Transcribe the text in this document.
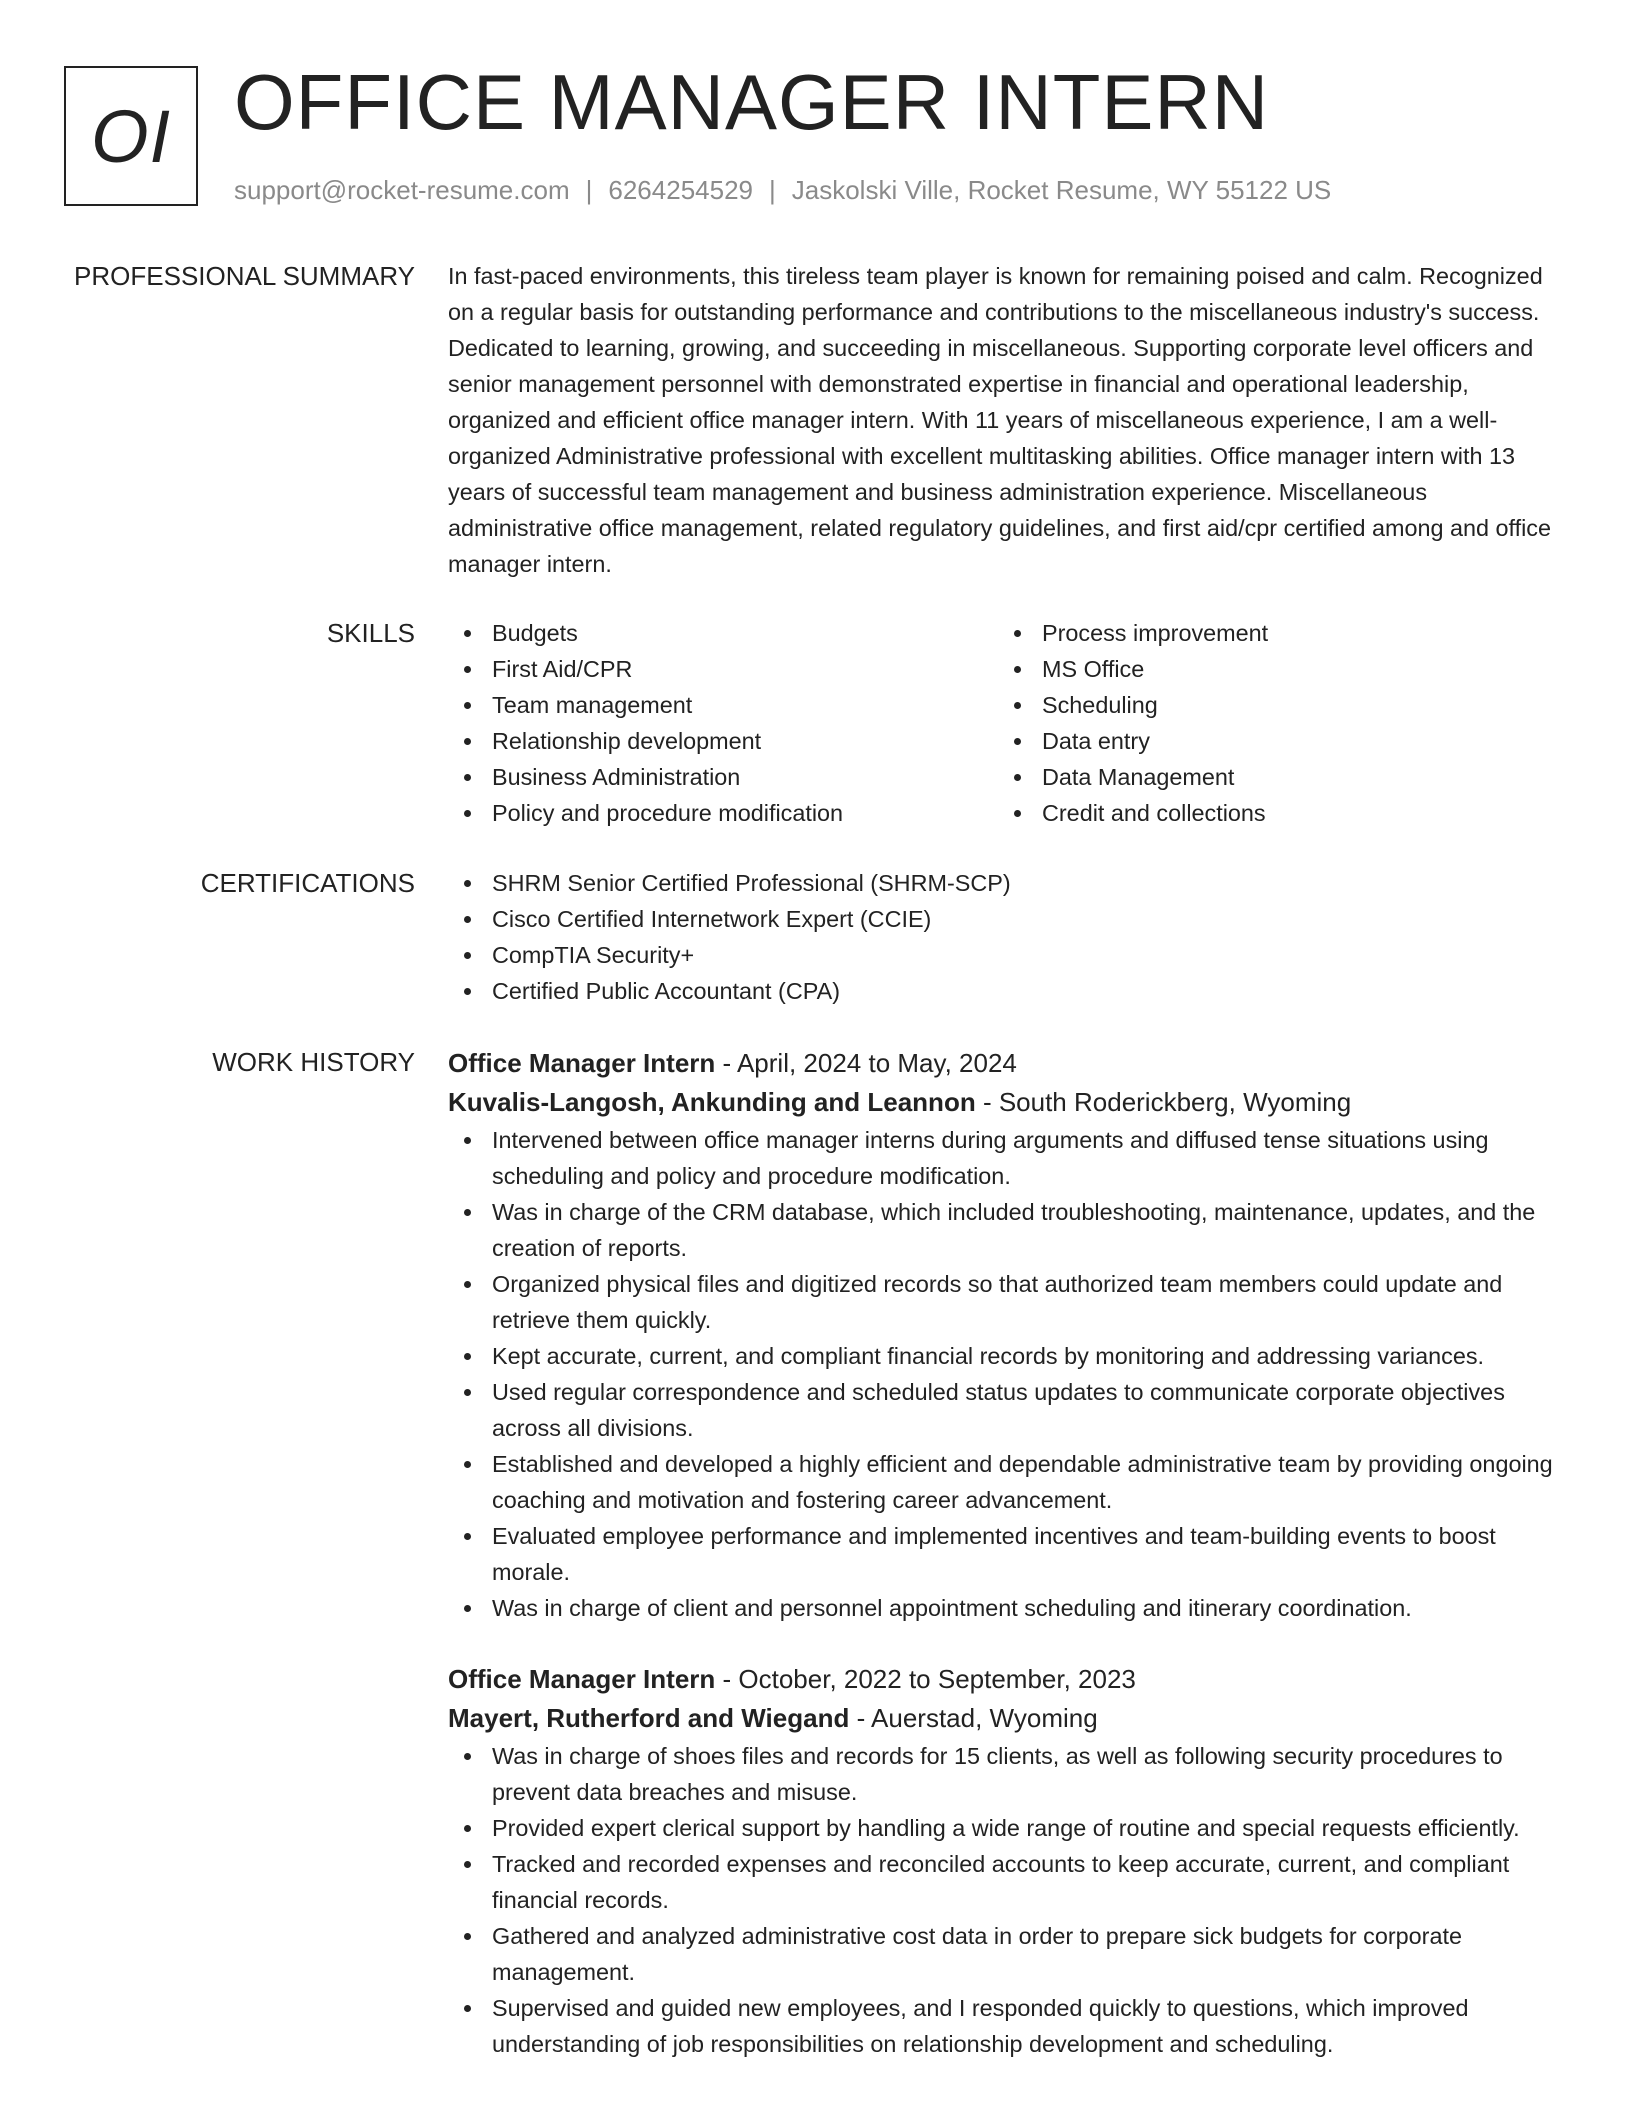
OI OFFICE MANAGER INTERN
support@rocket-resume.com | 6264254529 | Jaskolski Ville, Rocket Resume, WY 55122 US
PROFESSIONAL SUMMARY In fast-paced environments, this tireless team player is known for remaining poised and calm. Recognized on a regular basis for outstanding performance and contributions to the miscellaneous industry's success. Dedicated to learning, growing, and succeeding in miscellaneous. Supporting corporate level officers and senior management personnel with demonstrated expertise in financial and operational leadership, organized and efficient office manager intern. With 11 years of miscellaneous experience, I am a well-organized Administrative professional with excellent multitasking abilities. Office manager intern with 13 years of successful team management and business administration experience. Miscellaneous administrative office management, related regulatory guidelines, and first aid/cpr certified among and office manager intern.

SKILLS	Budgets
First Aid/CPR
Team management
Relationship development
Business Administration
Policy and procedure modification
Process improvement
MS Office
Scheduling
Data entry
Data Management
Credit and collections
CERTIFICATIONS	SHRM Senior Certified Professional (SHRM-SCP)
Cisco Certified Internetwork Expert (CCIE)
CompTIA Security+
Certified Public Accountant (CPA)
WORK HISTORY Office Manager Intern - April, 2024 to May, 2024
Kuvalis-Langosh, Ankunding and Leannon - South Roderickberg, Wyoming
Intervened between office manager interns during arguments and diffused tense situations using scheduling and policy and procedure modification.
Was in charge of the CRM database, which included troubleshooting, maintenance, updates, and the creation of reports.
Organized physical files and digitized records so that authorized team members could update and retrieve them quickly.
Kept accurate, current, and compliant financial records by monitoring and addressing variances.
Used regular correspondence and scheduled status updates to communicate corporate objectives across all divisions.
Established and developed a highly efficient and dependable administrative team by providing ongoing coaching and motivation and fostering career advancement.
Evaluated employee performance and implemented incentives and team-building events to boost morale.
Was in charge of client and personnel appointment scheduling and itinerary coordination.
Office Manager Intern - October, 2022 to September, 2023
Mayert, Rutherford and Wiegand - Auerstad, Wyoming
Was in charge of shoes files and records for 15 clients, as well as following security procedures to prevent data breaches and misuse.
Provided expert clerical support by handling a wide range of routine and special requests efficiently.
Tracked and recorded expenses and reconciled accounts to keep accurate, current, and compliant financial records.
Gathered and analyzed administrative cost data in order to prepare sick budgets for corporate management.
Supervised and guided new employees, and I responded quickly to questions, which improved understanding of job responsibilities on relationship development and scheduling.
